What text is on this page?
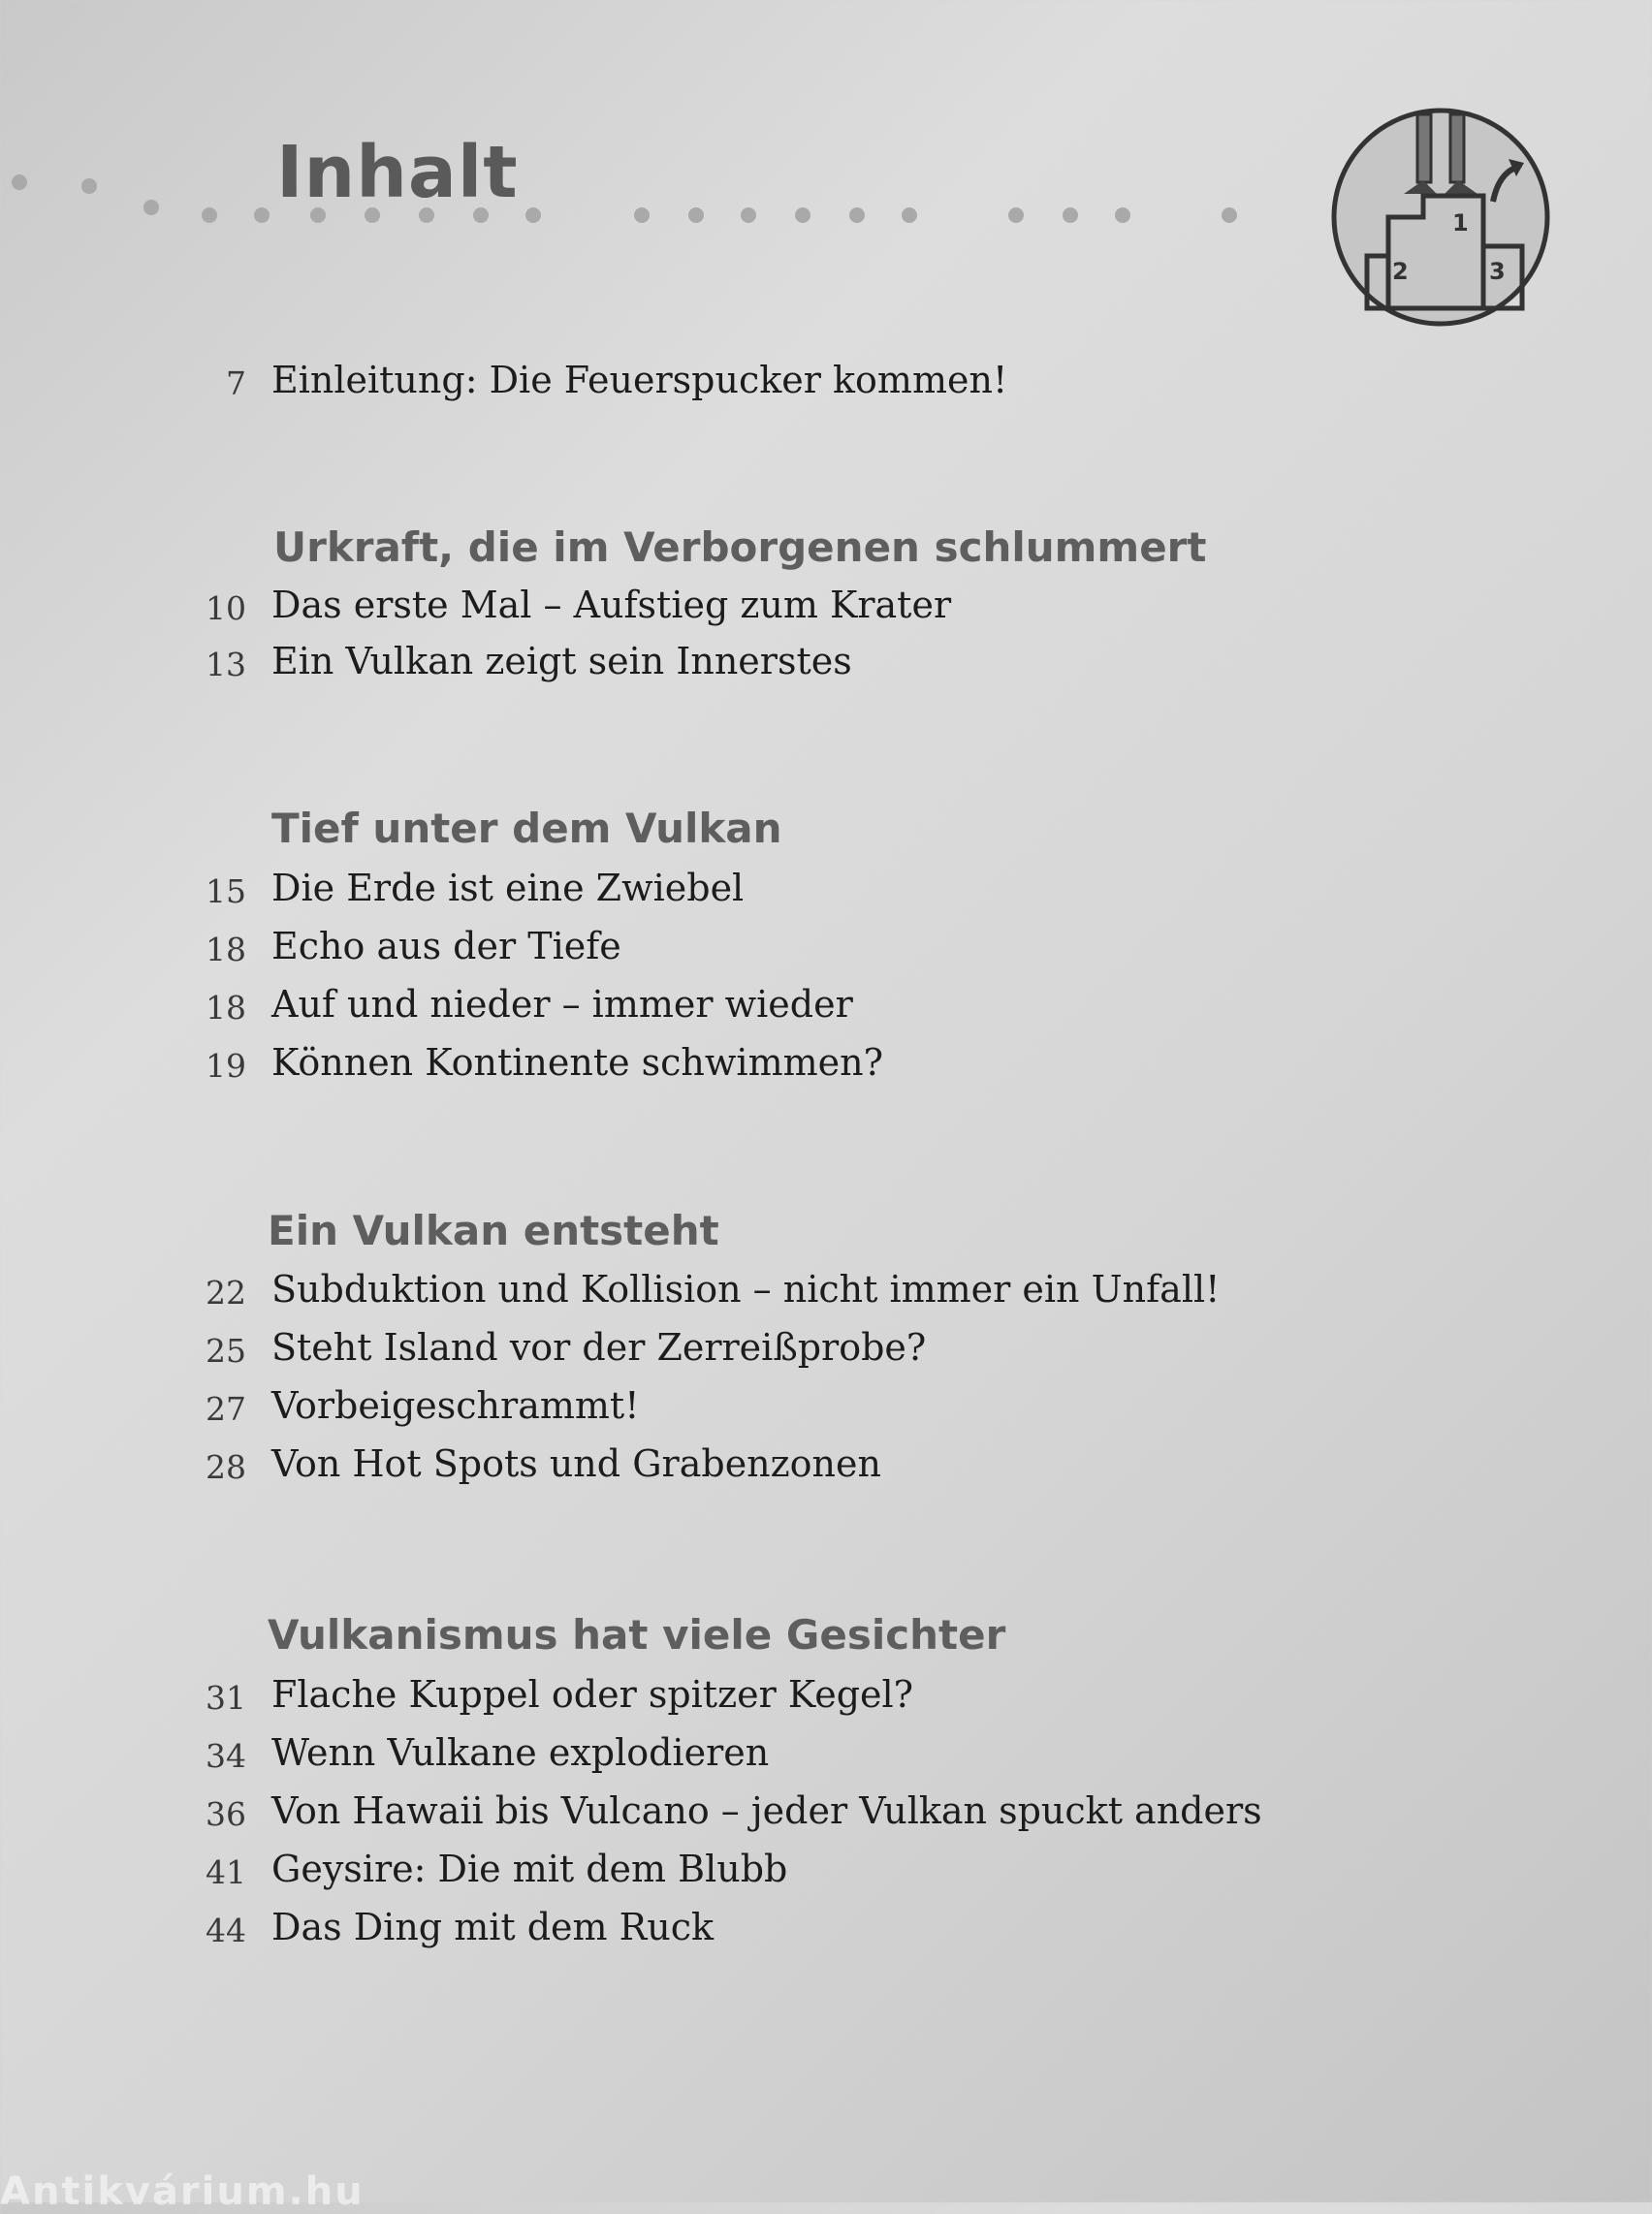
Inhalt
1
2	3
7 Einleitung: Die Feuerspucker kommen!
Urkraft, die im Verborgenen schlummert
10 Das erste Mal – Aufstieg zum Krater
13 Ein Vulkan zeigt sein Innerstes
Tief unter dem Vulkan
15 Die Erde ist eine Zwiebel
18 Echo aus der Tiefe
18 Auf und nieder – immer wieder
19 Können Kontinente schwimmen?
Ein Vulkan entsteht
22 Subduktion und Kollision – nicht immer ein Unfall!
25 Steht Island vor der Zerreißprobe?
27 Vorbeigeschrammt!
28 Von Hot Spots und Grabenzonen
Vulkanismus hat viele Gesichter
31 Flache Kuppel oder spitzer Kegel?
34 Wenn Vulkane explodieren
36 Von Hawaii bis Vulcano – jeder Vulkan spuckt anders
41 Geysire: Die mit dem Blubb
44 Das Ding mit dem Ruck
Antikvárium.hu
